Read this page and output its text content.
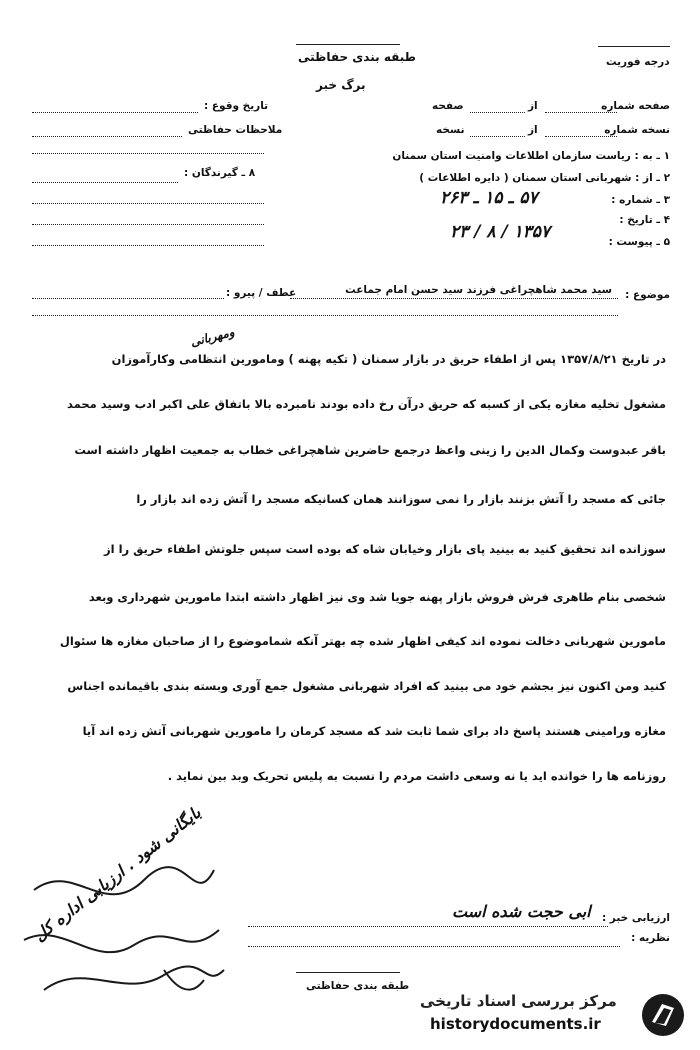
طبقه بندی حفاظتی
برگ خبر
درجه فوریت
صفحه شماره
از
صفحه
نسخه شماره
از
نسخه
تاریخ وقوع :
ملاحظات حفاظتی
۸ ـ گیرندگان :
۱ ـ به : ریاست سازمان اطلاعات وامنیت استان سمنان
۲ ـ از : شهربانی استان سمنان ( دایره اطلاعات )
۳ ـ شماره :
۵۷ ـ ۱۵ ـ ۲۶۳
۴ ـ تاریخ :
۱۳۵۷ / ۸ / ۲۳	۵ ـ پیوست :
موضوع :
سید محمد شاهچراغی فرزند سید حسن امام جماعت
عطف / پیرو :
ومهربانی
در تاریخ ۱۳۵۷/۸/۲۱ پس از اطفاء حریق در بازار سمنان ( تکیه پهنه ) ومامورین انتظامی وکارآموزان
مشغول تخلیه مغازه یکی از کسبه که حریق درآن رخ داده بودند نامبرده بالا باتفاق علی اکبر ادب وسید محمد
باقر عبدوست وکمال الدین را زینی واعظ درجمع حاضرین شاهچراغی خطاب به جمعیت اظهار داشته است
جائی که مسجد را آتش بزنند بازار را نمی سوزانند همان کسانیکه مسجد را آتش زده اند بازار را
سوزانده اند تحقیق کنید به بینید پای بازار وخیابان شاه که بوده است سپس جلوتش اطفاء حریق را از
شخصی بنام طاهری فرش فروش بازار پهنه جویا شد وی نیز اظهار داشته ابتدا مامورین شهرداری وبعد
مامورین شهربانی دخالت نموده اند کیفی اظهار شده چه بهتر آنکه شماموضوع را از صاحبان مغازه ها سئوال
کنید ومن اکنون نیز بجشم خود می بینید که افراد شهربانی مشغول جمع آوری وبسته بندی باقیمانده اجناس
مغازه ورامینی هستند پاسخ داد برای شما ثابت شد که مسجد کرمان را مامورین شهربانی آتش زده اند آیا
روزنامه ها را خوانده اید یا نه وسعی داشت مردم را نسبت به پلیس تحریک وبد بین نماید .
ارزیابی خبر :
ابی حجت شده است
نظریه :
طبقه بندی حفاظتی
بایگانی شود . ارزیابی اداره کل
مرکز بررسی اسناد تاریخی
historydocuments.ir
